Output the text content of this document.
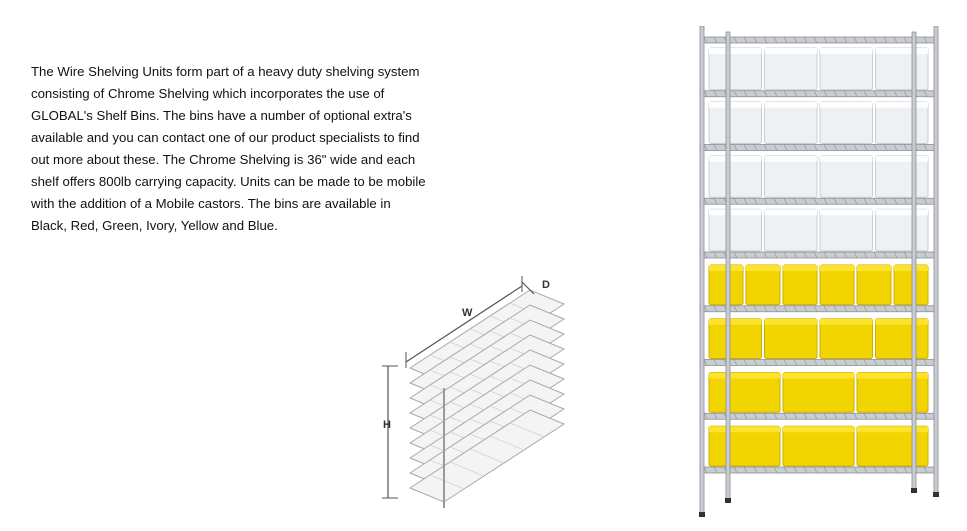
The Wire Shelving Units form part of a heavy duty shelving system
consisting of Chrome Shelving which incorporates the use of
GLOBAL's Shelf Bins. The bins have a number of optional extra's
available and you can contact one of our product specialists to find
out more about these. The Chrome Shelving is 36" wide and each
shelf offers 800lb carrying capacity. Units can be made to be mobile
with the addition of a Mobile castors. The bins are available in
Black, Red, Green, Ivory, Yellow and Blue.

W
D
H
